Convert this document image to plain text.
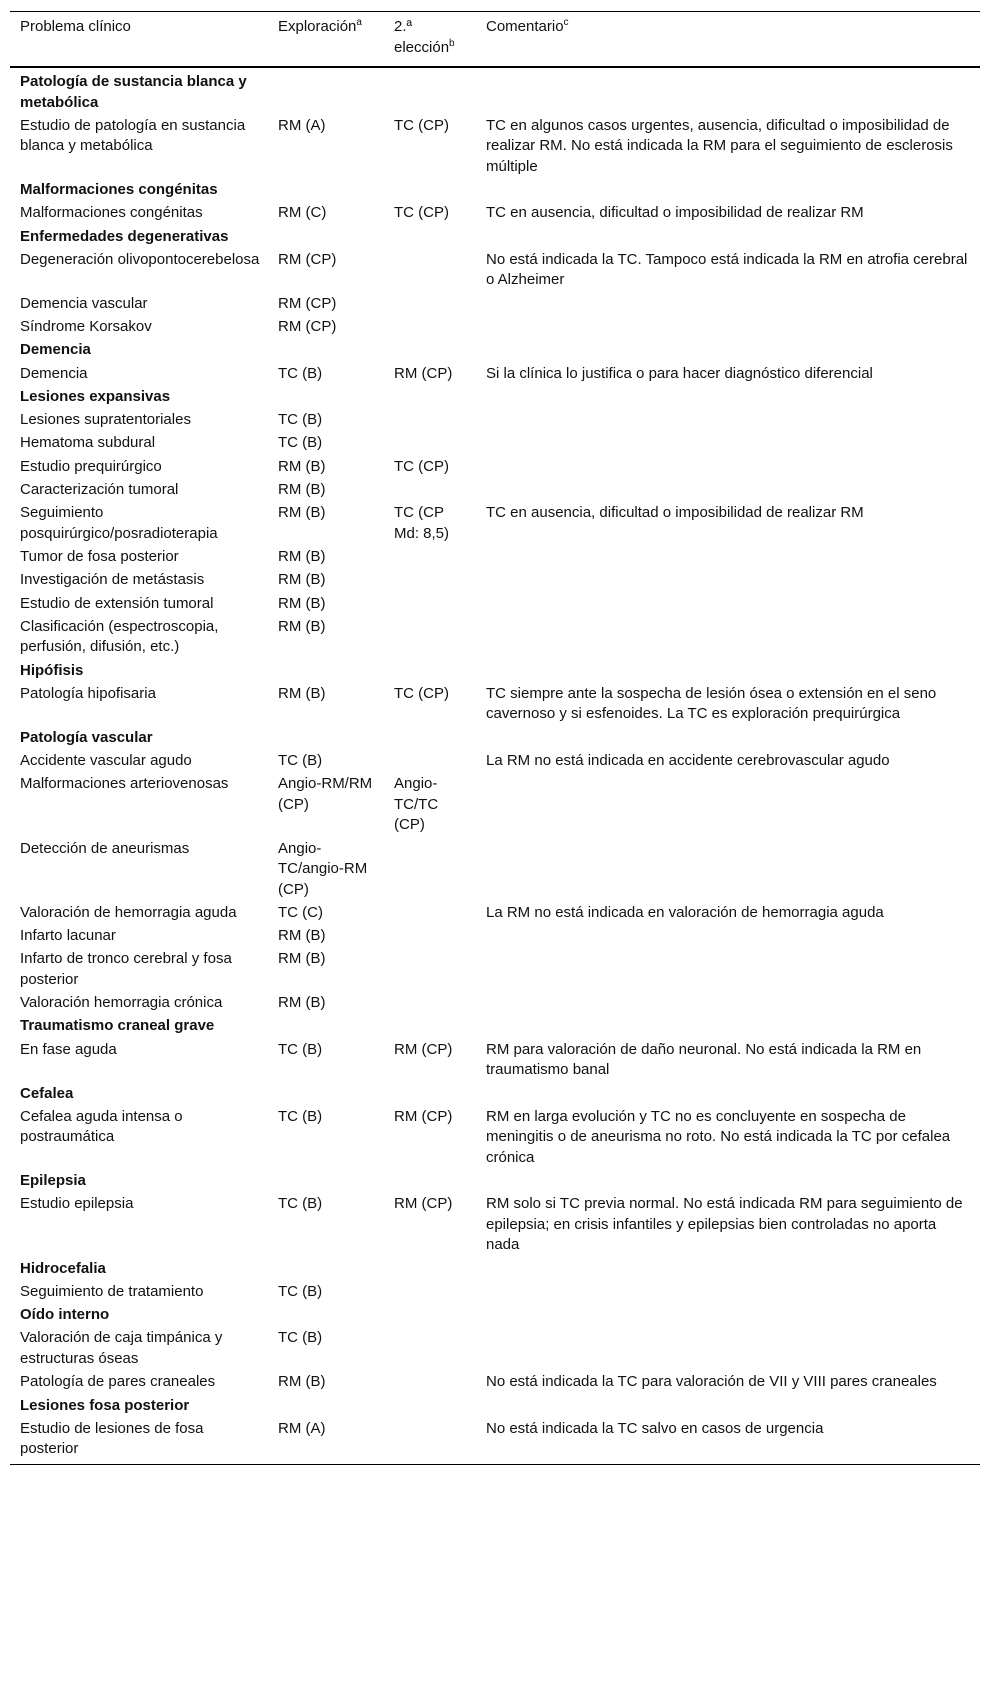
Problema clínico	Exploración$^a$	2.ª elección$^b$	Comentario$^c$
Patología de sustancia blanca y metabólica			
Estudio de patología en sustancia blanca y metabólica	RM (A)	TC (CP)	TC en algunos casos urgentes, ausencia, dificultad o imposibilidad de realizar RM. No está indicada la RM para el seguimiento de esclerosis múltiple
Malformaciones congénitas			
Malformaciones congénitas	RM (C)	TC (CP)	TC en ausencia, dificultad o imposibilidad de realizar RM
Enfermedades degenerativas			
Degeneración olivopontocerebelosa	RM (CP)		No está indicada la TC. Tampoco está indicada la RM en atrofia cerebral o Alzheimer
Demencia vascular	RM (CP)		
Síndrome Korsakov	RM (CP)		
Demencia			
Demencia	TC (B)	RM (CP)	Si la clínica lo justifica o para hacer diagnóstico diferencial
Lesiones expansivas			
Lesiones supratentoriales	TC (B)		
Hematoma subdural	TC (B)		
Estudio prequirúrgico	RM (B)	TC (CP)	
Caracterización tumoral	RM (B)		
Seguimiento posquirúrgico/posradioterapia	RM (B)	TC (CP Md: 8,5)	TC en ausencia, dificultad o imposibilidad de realizar RM
Tumor de fosa posterior	RM (B)		
Investigación de metástasis	RM (B)		
Estudio de extensión tumoral	RM (B)		
Clasificación (espectroscopia, perfusión, difusión, etc.)	RM (B)		
Hipófisis			
Patología hipofisaria	RM (B)	TC (CP)	TC siempre ante la sospecha de lesión ósea o extensión en el seno cavernoso y si esfenoides. La TC es exploración prequirúrgica
Patología vascular			
Accidente vascular agudo	TC (B)		La RM no está indicada en accidente cerebrovascular agudo
Malformaciones arteriovenosas	Angio-RM/RM (CP)	Angio-TC/TC (CP)	
Detección de aneurismas	Angio-TC/angio-RM (CP)		
Valoración de hemorragia aguda	TC (C)		La RM no está indicada en valoración de hemorragia aguda
Infarto lacunar	RM (B)		
Infarto de tronco cerebral y fosa posterior	RM (B)		
Valoración hemorragia crónica	RM (B)		
Traumatismo craneal grave			
En fase aguda	TC (B)	RM (CP)	RM para valoración de daño neuronal. No está indicada la RM en traumatismo banal
Cefalea			
Cefalea aguda intensa o postraumática	TC (B)	RM (CP)	RM en larga evolución y TC no es concluyente en sospecha de meningitis o de aneurisma no roto. No está indicada la TC por cefalea crónica
Epilepsia			
Estudio epilepsia	TC (B)	RM (CP)	RM solo si TC previa normal. No está indicada RM para seguimiento de epilepsia; en crisis infantiles y epilepsias bien controladas no aporta nada
Hidrocefalia			
Seguimiento de tratamiento	TC (B)		
Oído interno			
Valoración de caja timpánica y estructuras óseas	TC (B)		
Patología de pares craneales	RM (B)		No está indicada la TC para valoración de VII y VIII pares craneales
Lesiones fosa posterior			
Estudio de lesiones de fosa posterior	RM (A)		No está indicada la TC salvo en casos de urgencia
